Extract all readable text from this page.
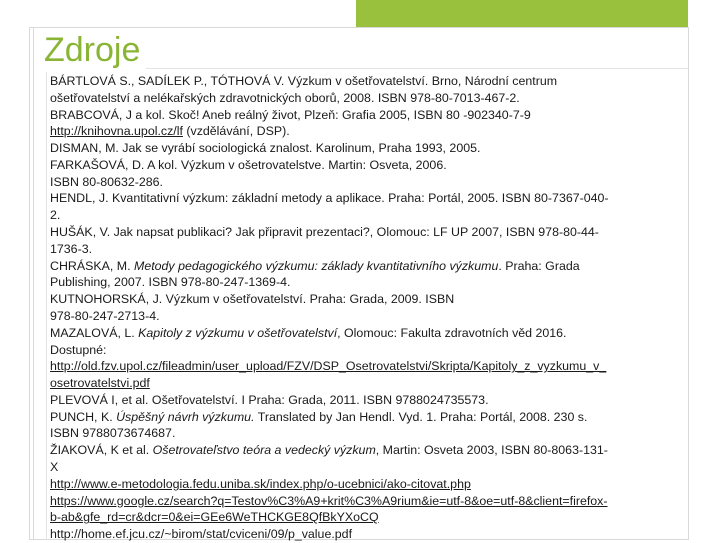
Zdroje
BÁRTLOVÁ S., SADÍLEK P., TÓTHOVÁ V. Výzkum v ošetřovatelství. Brno, Národní centrum
ošetřovatelství a nelékařských zdravotnických oborů, 2008. ISBN 978-80-7013-467-2.
BRABCOVÁ, J a kol. Skoč! Aneb reálný život, Plzeň: Grafia 2005, ISBN 80 -902340-7-9
http://knihovna.upol.cz/lf (vzdělávání, DSP).
DISMAN, M. Jak se vyrábí sociologická znalost. Karolinum, Praha 1993, 2005.
FARKAŠOVÁ, D. A kol. Výzkum v ošetrovatelstve. Martin: Osveta, 2006.
ISBN 80-80632-286.
HENDL, J. Kvantitativní výzkum: základní metody a aplikace. Praha: Portál, 2005. ISBN 80-7367-040-
2.
HUŠÁK, V. Jak napsat publikaci? Jak připravit prezentaci?, Olomouc: LF UP 2007, ISBN 978-80-44-
1736-3.
CHRÁSKA, M. Metody pedagogického výzkumu: základy kvantitativního výzkumu. Praha: Grada
Publishing, 2007. ISBN 978-80-247-1369-4.
KUTNOHORSKÁ, J. Výzkum v ošetřovatelství. Praha: Grada, 2009. ISBN
978-80-247-2713-4.
MAZALOVÁ, L. Kapitoly z výzkumu v ošetřovatelství, Olomouc: Fakulta zdravotních věd 2016.
Dostupné:
http://old.fzv.upol.cz/fileadmin/user_upload/FZV/DSP_Osetrovatelstvi/Skripta/Kapitoly_z_vyzkumu_v_
osetrovatelstvi.pdf
PLEVOVÁ I, et al. Ošetřovatelství. I Praha: Grada, 2011. ISBN 9788024735573.
PUNCH, K. Úspěšný návrh výzkumu. Translated by Jan Hendl. Vyd. 1. Praha: Portál, 2008. 230 s.
ISBN 9788073674687.
ŽIAKOVÁ, K et al. Ošetrovateľstvo teóra a vedecký výzkum, Martin: Osveta 2003, ISBN 80-8063-131-
X
http://www.e-metodologia.fedu.uniba.sk/index.php/o-ucebnici/ako-citovat.php
https://www.google.cz/search?q=Testov%C3%A9+krit%C3%A9rium&ie=utf-8&oe=utf-8&client=firefox-
b-ab&gfe_rd=cr&dcr=0&ei=GEe6WeTHCKGE8QfBkYXoCQ
http://home.ef.jcu.cz/~birom/stat/cviceni/09/p_value.pdf
